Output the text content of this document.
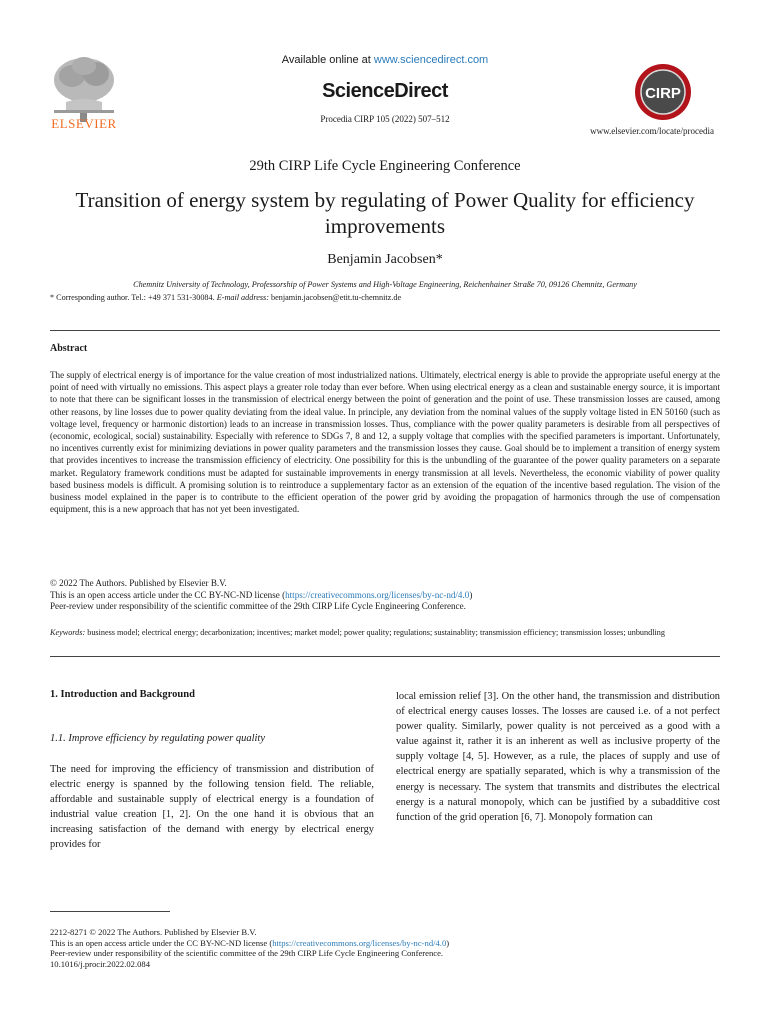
ELSEVIER
Available online at www.sciencedirect.com
ScienceDirect
Procedia CIRP 105 (2022) 507–512
CIRP
www.elsevier.com/locate/procedia
29th CIRP Life Cycle Engineering Conference
Transition of energy system by regulating of Power Quality for efficiency improvements
Benjamin Jacobsen*
Chemnitz University of Technology, Professorship of Power Systems and High-Voltage Engineering, Reichenhainer Straße 70, 09126 Chemnitz, Germany
* Corresponding author. Tel.: +49 371 531-30084. E-mail address: benjamin.jacobsen@etit.tu-chemnitz.de
Abstract
The supply of electrical energy is of importance for the value creation of most industrialized nations. Ultimately, electrical energy is able to provide the appropriate useful energy at the point of need with virtually no emissions. This aspect plays a greater role today than ever before. When using electrical energy as a clean and sustainable energy source, it is important to note that there can be significant losses in the transmission of electrical energy between the point of generation and the point of use. These transmission losses are caused, among other reasons, by line losses due to power quality deviating from the ideal value. In principle, any deviation from the nominal values of the supply voltage listed in EN 50160 (such as voltage level, frequency or harmonic distortion) leads to an increase in transmission losses. Thus, compliance with the power quality parameters is desirable from all perspectives of (economic, ecological, social) sustainability. Especially with reference to SDGs 7, 8 and 12, a supply voltage that complies with the specified parameters is important. Unfortunately, no incentives currently exist for minimizing deviations in power quality parameters and the transmission losses they cause. Goal should be to implement a transition of energy system that provides incentives to increase the transmission efficiency of electricity. One possibility for this is the unbundling of the guarantee of the power quality parameters on a separate market. Regulatory framework conditions must be adapted for sustainable improvements in energy transmission at all levels. Nevertheless, the economic viability of power quality based business models is difficult. A promising solution is to reintroduce a supplementary factor as an extension of the equation of the incentive based regulation. The vision of the business model explained in the paper is to contribute to the efficient operation of the power grid by avoiding the propagation of harmonics through the use of compensation equipment, this is a new approach that has not yet been investigated.
© 2022 The Authors. Published by Elsevier B.V.
This is an open access article under the CC BY-NC-ND license (https://creativecommons.org/licenses/by-nc-nd/4.0)
Peer-review under responsibility of the scientific committee of the 29th CIRP Life Cycle Engineering Conference.
Keywords: business model; electrical energy; decarbonization; incentives; market model; power quality; regulations; sustainablity; transmission efficiency; transmission losses; unbundling
1. Introduction and Background
1.1. Improve efficiency by regulating power quality
The need for improving the efficiency of transmission and distribution of electric energy is spanned by the following tension field. The reliable, affordable and sustainable supply of electrical energy is a foundation of industrial value creation [1, 2]. On the one hand it is obvious that an increasing satisfaction of the demand with energy by electrical energy provides for
local emission relief [3]. On the other hand, the transmission and distribution of electrical energy causes losses. The losses are caused i.e. of a not perfect power quality. Similarly, power quality is not perceived as a good with a value against it, rather it is an inherent as well as inclusive property of the supply voltage [4, 5]. However, as a rule, the places of supply and use of electrical energy are spatially separated, which is why a transmission of the energy is necessary. The system that transmits and distributes the electrical energy is a natural monopoly, which can be justified by a subadditive cost function of the grid operation [6, 7]. Monopoly formation can
2212-8271 © 2022 The Authors. Published by Elsevier B.V.
This is an open access article under the CC BY-NC-ND license (https://creativecommons.org/licenses/by-nc-nd/4.0)
Peer-review under responsibility of the scientific committee of the 29th CIRP Life Cycle Engineering Conference.
10.1016/j.procir.2022.02.084
